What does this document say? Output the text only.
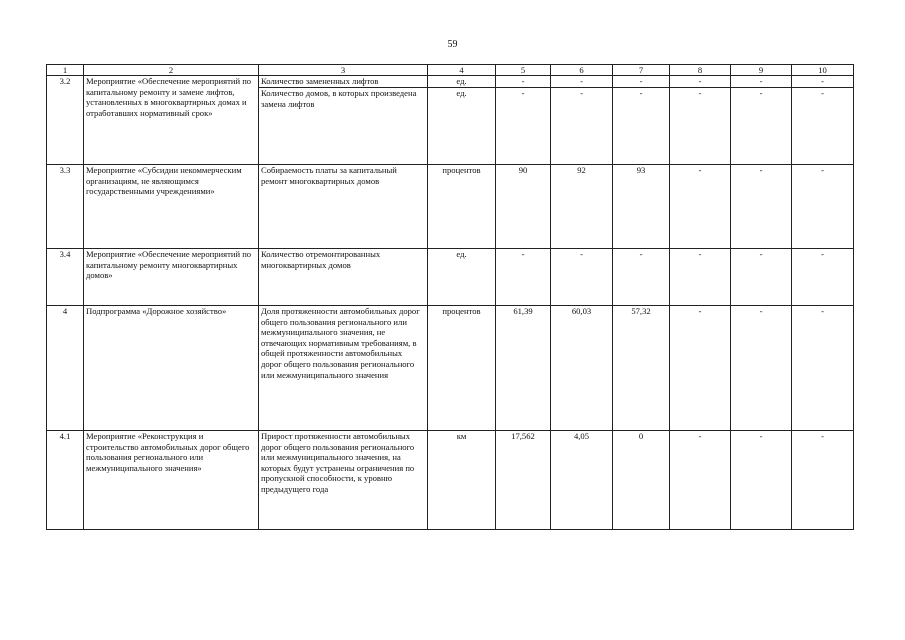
59
1	2	3	4	5	6	7	8	9	10
3.2	Мероприятие «Обеспечение мероприятий по капитальному ремонту и замене лифтов, установленных в многоквартирных домах и отработавших нормативный срок»	Количество замененных лифтов	ед.	-	-	-	-	-	-
		Количество домов, в которых произведена замена лифтов	ед.	-	-	-	-	-	-
3.3	Мероприятие «Субсидии некоммерческим организациям, не являющимся государственными учреждениями»	Собираемость платы за капитальный ремонт многоквартирных домов	процентов	90	92	93	-	-	-
3.4	Мероприятие «Обеспечение мероприятий по капитальному ремонту многоквартирных домов»	Количество отремонтированных многоквартирных домов	ед.	-	-	-	-	-	-
4	Подпрограмма «Дорожное хозяйство»	Доля протяженности автомобильных дорог общего пользования регионального или межмуниципального значения, не отвечающих нормативным требованиям, в общей протяженности автомобильных дорог общего пользования регионального или межмуниципального значения	процентов	61,39	60,03	57,32	-	-	-
4.1	Мероприятие «Реконструкция и строительство автомобильных дорог общего пользования регионального или межмуниципального значения»	Прирост протяженности автомобильных дорог общего пользования регионального или межмуниципального значения, на которых будут устранены ограничения по пропускной способности, к уровню предыдущего года	км	17,562	4,05	0	-	-	-
